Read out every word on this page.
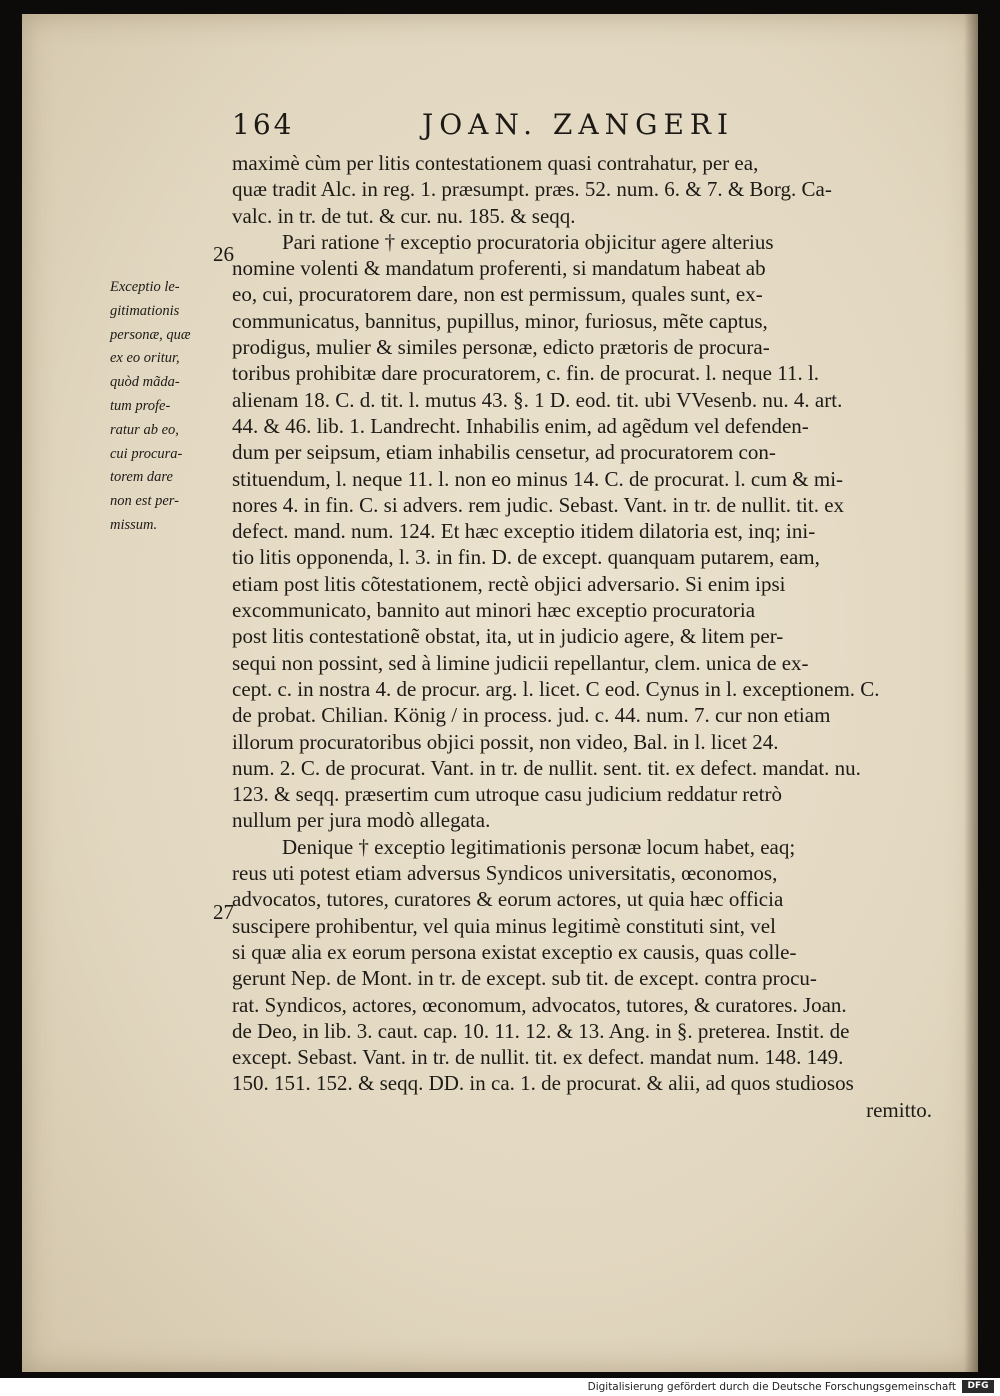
164	JOAN. ZANGERI
26
27
Exceptio le-
gitimationis
personæ, quæ
ex eo oritur,
quòd mãda-
tum profe-
ratur ab eo,
cui procura-
torem dare
non est per-
missum.
maximè cùm per litis contestationem quasi contrahatur, per ea,
quæ tradit Alc. in reg. 1. præsumpt. præs. 52. num. 6. & 7. & Borg. Ca-
valc. in tr. de tut. & cur. nu. 185. & seqq.
Pari ratione † exceptio procuratoria objicitur agere alterius
nomine volenti & mandatum proferenti, si mandatum habeat ab
eo, cui, procuratorem dare, non est permissum, quales sunt, ex-
communicatus, bannitus, pupillus, minor, furiosus, mẽte captus,
prodigus, mulier & similes personæ, edicto prætoris de procura-
toribus prohibitæ dare procuratorem, c. fin. de procurat. l. neque 11. l.
alienam 18. C. d. tit. l. mutus 43. §. 1 D. eod. tit. ubi VVesenb. nu. 4. art.
44. & 46. lib. 1. Landrecht. Inhabilis enim, ad agẽdum vel defenden-
dum per seipsum, etiam inhabilis censetur, ad procuratorem con-
stituendum, l. neque 11. l. non eo minus 14. C. de procurat. l. cum & mi-
nores 4. in fin. C. si advers. rem judic. Sebast. Vant. in tr. de nullit. tit. ex
defect. mand. num. 124. Et hæc exceptio itidem dilatoria est, inq; ini-
tio litis opponenda, l. 3. in fin. D. de except. quanquam putarem, eam,
etiam post litis cõtestationem, rectè objici adversario. Si enim ipsi
excommunicato, bannito aut minori hæc exceptio procuratoria
post litis contestationẽ obstat, ita, ut in judicio agere, & litem per-
sequi non possint, sed à limine judicii repellantur, clem. unica de ex-
cept. c. in nostra 4. de procur. arg. l. licet. C eod. Cynus in l. exceptionem. C.
de probat. Chilian. König / in process. jud. c. 44. num. 7. cur non etiam
illorum procuratoribus objici possit, non video, Bal. in l. licet 24.
num. 2. C. de procurat. Vant. in tr. de nullit. sent. tit. ex defect. mandat. nu.
123. & seqq. præsertim cum utroque casu judicium reddatur retrò
nullum per jura modò allegata.
Denique † exceptio legitimationis personæ locum habet, eaq;
reus uti potest etiam adversus Syndicos universitatis, œconomos,
advocatos, tutores, curatores & eorum actores, ut quia hæc officia
suscipere prohibentur, vel quia minus legitimè constituti sint, vel
si quæ alia ex eorum persona existat exceptio ex causis, quas colle-
gerunt Nep. de Mont. in tr. de except. sub tit. de except. contra procu-
rat. Syndicos, actores, œconomum, advocatos, tutores, & curatores. Joan.
de Deo, in lib. 3. caut. cap. 10. 11. 12. & 13. Ang. in §. preterea. Instit. de
except. Sebast. Vant. in tr. de nullit. tit. ex defect. mandat num. 148. 149.
150. 151. 152. & seqq. DD. in ca. 1. de procurat. & alii, ad quos studiosos
remitto.
Digitalisierung gefördert durch die Deutsche Forschungsgemeinschaft	DFG
